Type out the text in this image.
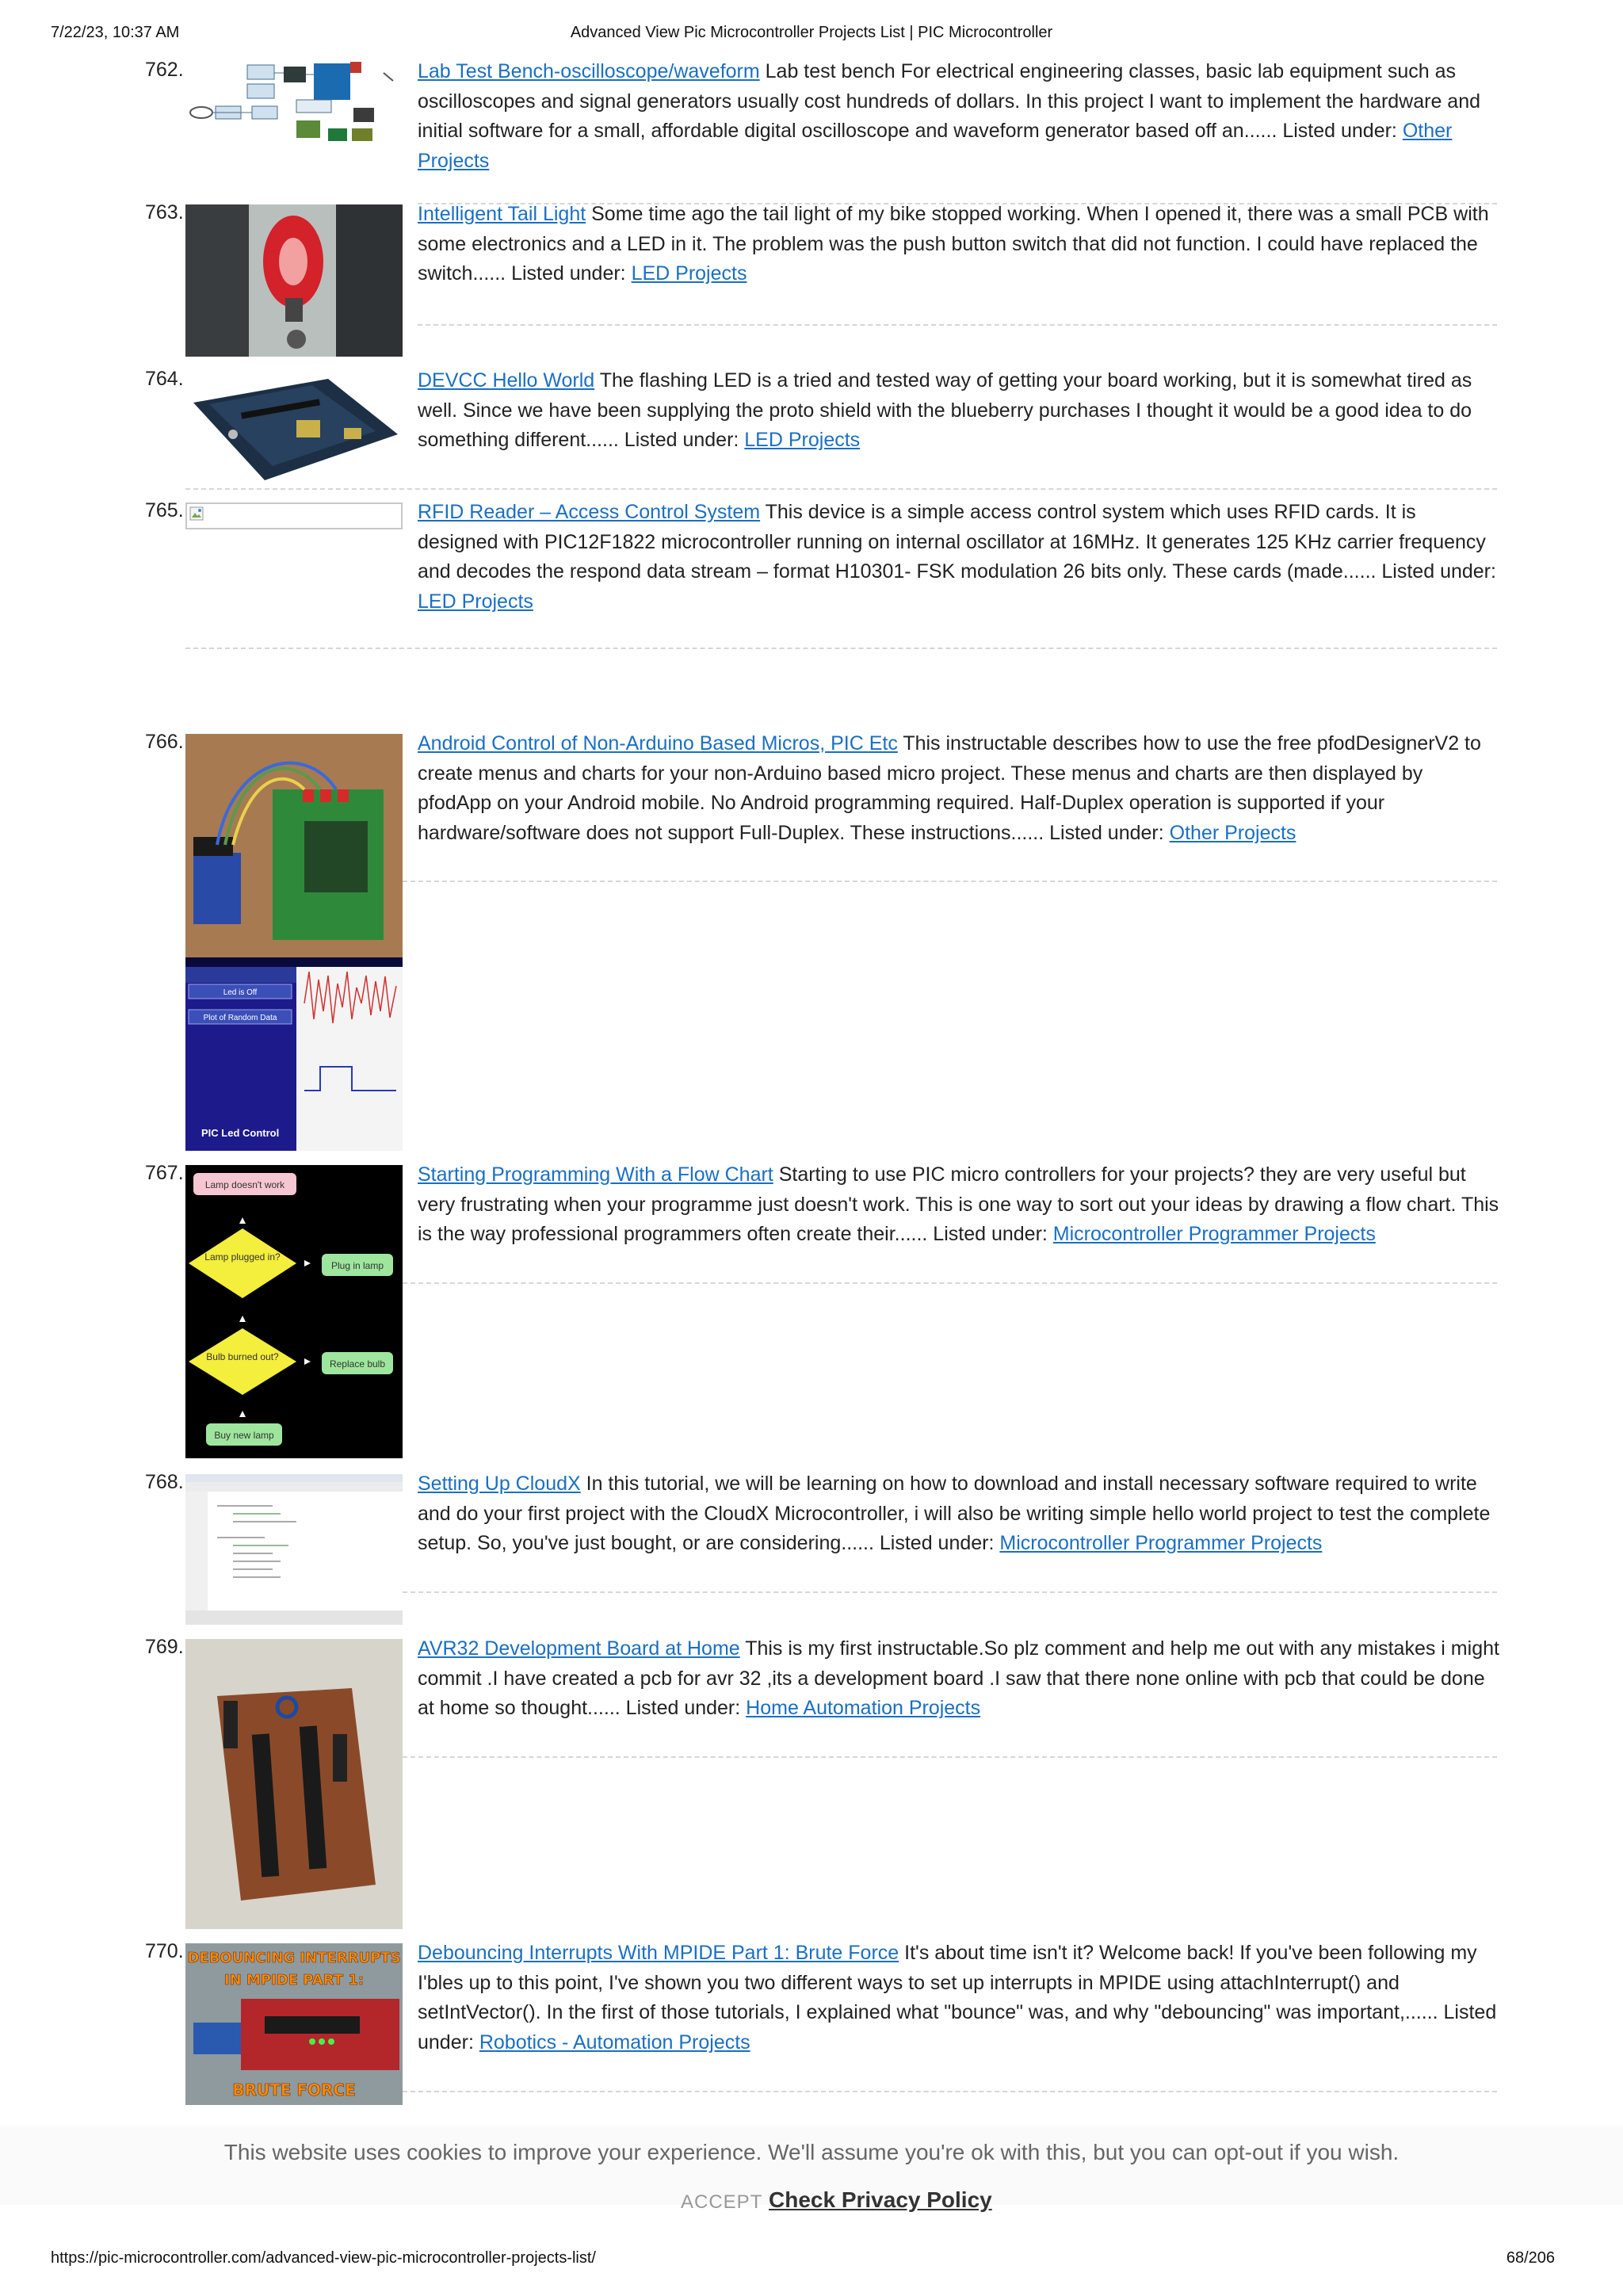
7/22/23, 10:37 AM	Advanced View Pic Microcontroller Projects List | PIC Microcontroller
762.	Lab Test Bench-oscilloscope/waveform Lab test bench For electrical engineering classes, basic lab equipment such as oscilloscopes and signal generators usually cost hundreds of dollars. In this project I want to implement the hardware and initial software for a small, affordable digital oscilloscope and waveform generator based off an...... Listed under: Other Projects
763.	Intelligent Tail Light Some time ago the tail light of my bike stopped working. When I opened it, there was a small PCB with some electronics and a LED in it. The problem was the push button switch that did not function. I could have replaced the switch...... Listed under: LED Projects
764.	DEVCC Hello World The flashing LED is a tried and tested way of getting your board working, but it is somewhat tired as well. Since we have been supplying the proto shield with the blueberry purchases I thought it would be a good idea to do something different...... Listed under: LED Projects
765.	RFID Reader – Access Control System This device is a simple access control system which uses RFID cards. It is designed with PIC12F1822 microcontroller running on internal oscillator at 16MHz. It generates 125 KHz carrier frequency and decodes the respond data stream – format H10301- FSK modulation 26 bits only. These cards (made...... Listed under: LED Projects
766.
Led is Off
Plot of Random Data
PIC Led Control
Android Control of Non-Arduino Based Micros, PIC Etc This instructable describes how to use the free pfodDesignerV2 to create menus and charts for your non-Arduino based micro project. These menus and charts are then displayed by pfodApp on your Android mobile. No Android programming required. Half-Duplex operation is supported if your hardware/software does not support Full-Duplex. These instructions...... Listed under: Other Projects
767.
Lamp doesn't work
Lamp plugged in?
Plug in lamp
Bulb burned out?
Replace bulb
Buy new lamp
Starting Programming With a Flow Chart Starting to use PIC micro controllers for your projects? they are very useful but very frustrating when your programme just doesn't work. This is one way to sort out your ideas by drawing a flow chart. This is the way professional programmers often create their...... Listed under: Microcontroller Programmer Projects
768.	Setting Up CloudX In this tutorial, we will be learning on how to download and install necessary software required to write and do your first project with the CloudX Microcontroller, i will also be writing simple hello world project to test the complete setup. So, you've just bought, or are considering...... Listed under: Microcontroller Programmer Projects
769.	AVR32 Development Board at Home This is my first instructable.So plz comment and help me out with any mistakes i might commit .I have created a pcb for avr 32 ,its a development board .I saw that there none online with pcb that could be done at home so thought...... Listed under: Home Automation Projects
770. DEBOUNCING INTERRUPTS
IN MPIDE PART 1:
BRUTE FORCE
Debouncing Interrupts With MPIDE Part 1: Brute Force It's about time isn't it? Welcome back! If you've been following my I'bles up to this point, I've shown you two different ways to set up interrupts in MPIDE using attachInterrupt() and setIntVector(). In the first of those tutorials, I explained what "bounce" was, and why "debouncing" was important,...... Listed under: Robotics - Automation Projects
This website uses cookies to improve your experience. We'll assume you're ok with this, but you can opt-out if you wish.
ACCEPT Check Privacy Policy
https://pic-microcontroller.com/advanced-view-pic-microcontroller-projects-list/	68/206
